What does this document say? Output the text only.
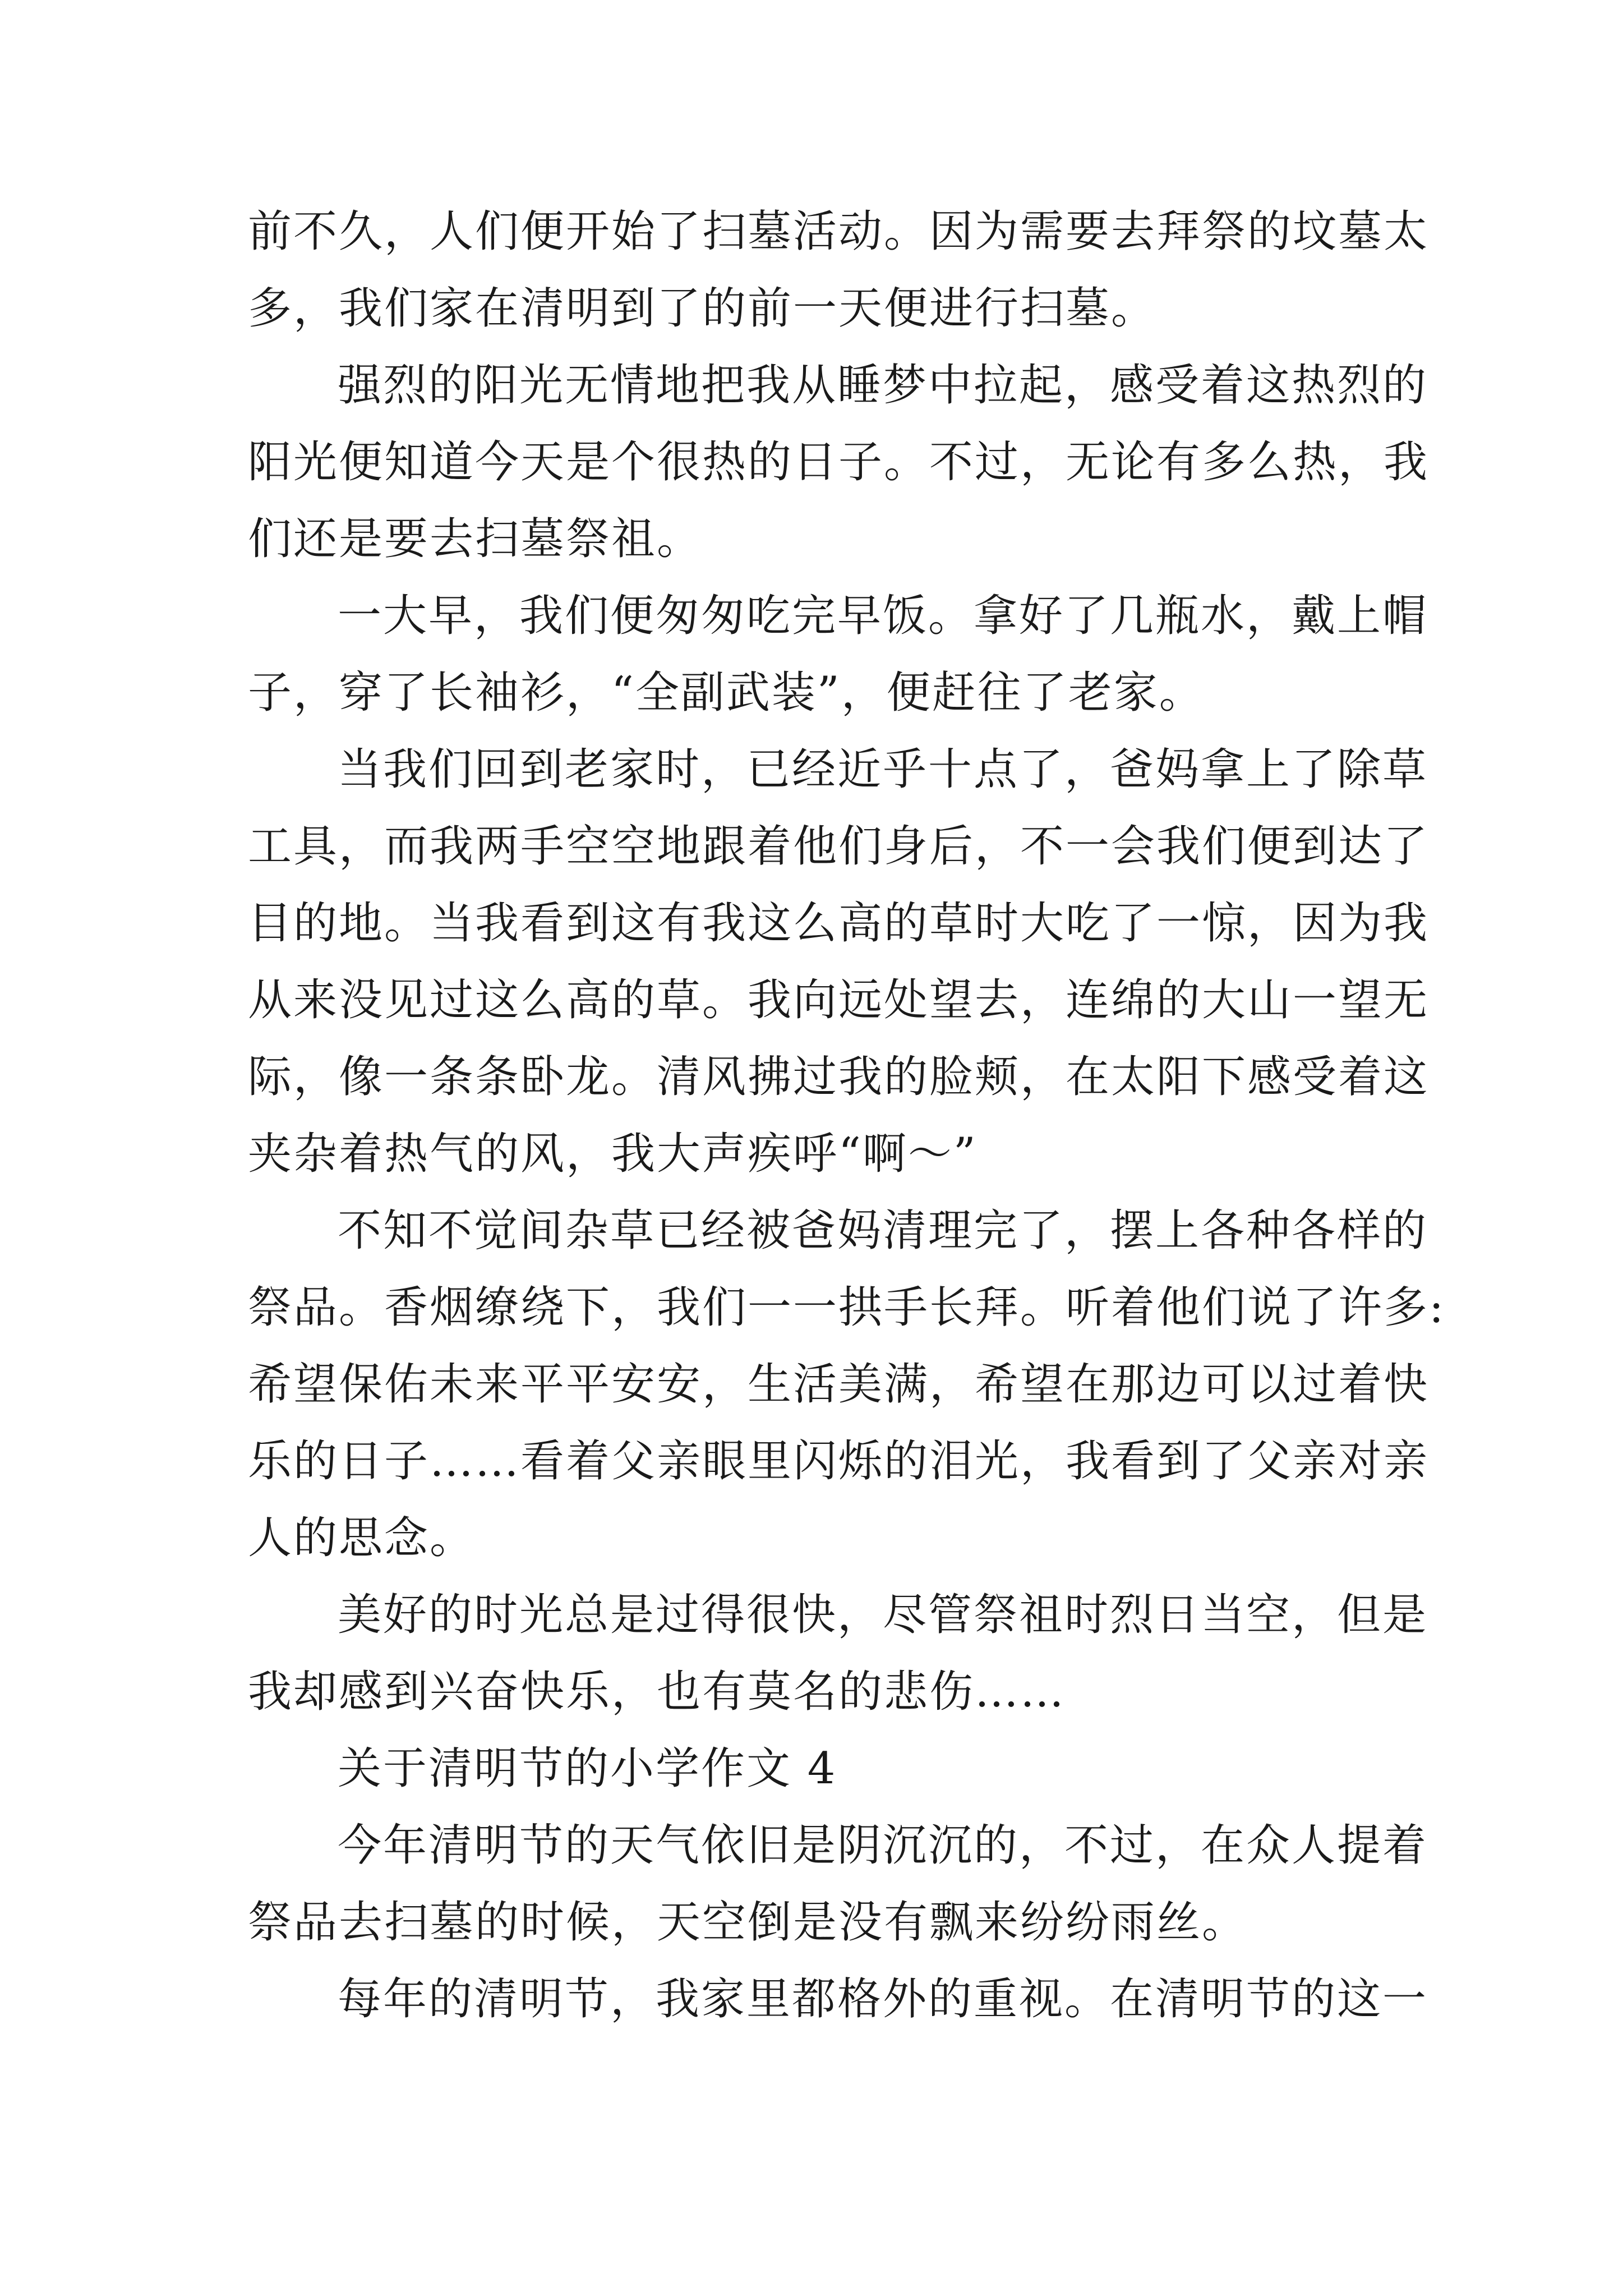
前不久，人们便开始了扫墓活动。因为需要去拜祭的坟墓太
多，我们家在清明到了的前一天便进行扫墓。
强烈的阳光无情地把我从睡梦中拉起，感受着这热烈的
阳光便知道今天是个很热的日子。不过，无论有多么热，我
们还是要去扫墓祭祖。
一大早，我们便匆匆吃完早饭。拿好了几瓶水，戴上帽
子，穿了长袖衫，“全副武装”，便赶往了老家。
当我们回到老家时，已经近乎十点了，爸妈拿上了除草
工具，而我两手空空地跟着他们身后，不一会我们便到达了
目的地。当我看到这有我这么高的草时大吃了一惊，因为我
从来没见过这么高的草。我向远处望去，连绵的大山一望无
际，像一条条卧龙。清风拂过我的脸颊，在太阳下感受着这
夹杂着热气的风，我大声疾呼“啊～”
不知不觉间杂草已经被爸妈清理完了，摆上各种各样的
祭品。香烟缭绕下，我们一一拱手长拜。听着他们说了许多:
希望保佑未来平平安安，生活美满，希望在那边可以过着快
乐的日子……看着父亲眼里闪烁的泪光，我看到了父亲对亲
人的思念。
美好的时光总是过得很快，尽管祭祖时烈日当空，但是
我却感到兴奋快乐，也有莫名的悲伤……
关于清明节的小学作文 4
今年清明节的天气依旧是阴沉沉的，不过，在众人提着
祭品去扫墓的时候，天空倒是没有飘来纷纷雨丝。
每年的清明节，我家里都格外的重视。在清明节的这一
